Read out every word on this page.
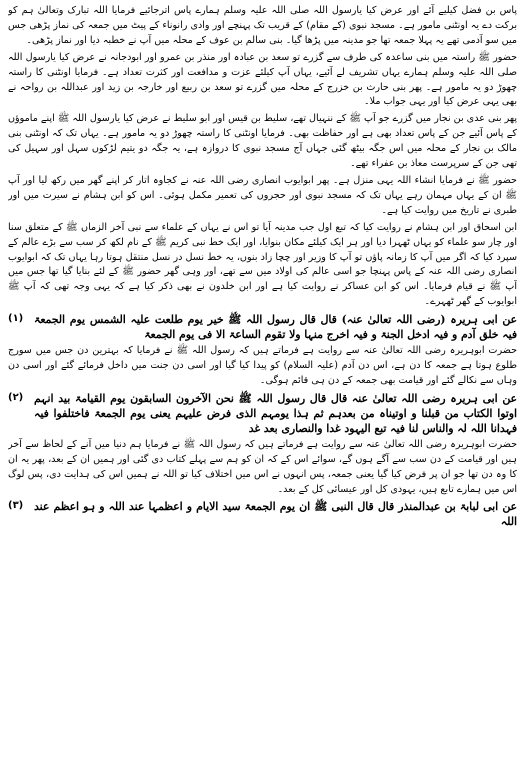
پاس بن فضل کیلیے آئے اور عرض کیا یارسول اللہ صلی اللہ علیہ وسلم ہمارے پاس اترجائیے فرمایا اللہ تبارک وتعالیٰ ہم کو برکت دے یہ اونٹنی مامور ہے۔ مسجد نبوی (کے مقام) کے قریب تک پہنچے اور وادی رانوناء کے پیٹ میں جمعہ کی نماز پڑھی جس میں سو آدمی تھے یہ پہلا جمعہ تھا جو مدینہ میں پڑھا گیا۔ بنی سالم بن عوف کے محلہ میں آپ نے خطبہ دیا اور نماز پڑھی۔

حضور ﷺ راستہ میں بنی ساعدہ کی طرف سے گزرے تو سعد بن عبادہ اور منذر بن عمرو اور ابودجانہ نے عرض کیا یارسول اللہ صلی اللہ علیہ وسلم ہمارے یہاں تشریف لے آئیے، یہاں آپ کیلئے عزت و مدافعت اور کثرت تعداد ہے۔ فرمایا اونٹنی کا راستہ چھوڑ دو یہ مامور ہے۔ پھر بنی حارث بن خزرج کے محلہ میں گزرے تو سعد بن ربیع اور خارجہ بن زید اور عبداللہ بن رواحہ نے بھی یہی عرض کیا اور یہی جواب ملا۔

پھر بنی عدی بن نجار میں گزرے جو آپ ﷺ کے ننہیال تھے، سلیط بن قیس اور ابو سلیط نے عرض کیا یارسول اللہ ﷺ اپنے ماموؤں کے پاس آئیے جن کے پاس تعداد بھی ہے اور حفاظت بھی۔ فرمایا اونٹنی کا راستہ چھوڑ دو یہ مامور ہے۔ یہاں تک کہ اونٹنی بنی مالک بن نجار کے محلہ میں اس جگہ بیٹھ گئی جہاں آج مسجد نبوی کا دروازہ ہے، یہ جگہ دو یتیم لڑکوں سہل اور سہیل کی تھی جن کے سرپرست معاذ بن عفراء تھے۔

حضور ﷺ نے فرمایا انشاء اللہ یہی منزل ہے۔ پھر ابوایوب انصاری رضی اللہ عنہ نے کجاوہ اتار کر اپنے گھر میں رکھ لیا اور آپ ﷺ ان کے یہاں مہمان رہے یہاں تک کہ مسجد نبوی اور حجروں کی تعمیر مکمل ہوئی۔ اس کو ابن ہشام نے سیرت میں اور طبری نے تاریخ میں روایت کیا ہے۔

ابن اسحاق اور ابن ہشام نے روایت کیا کہ تبع اول جب مدینہ آیا تو اس نے یہاں کے علماء سے نبی آخر الزماں ﷺ کے متعلق سنا اور چار سو علماء کو یہاں ٹھہرا دیا اور ہر ایک کیلئے مکان بنوایا، اور ایک خط نبی کریم ﷺ کے نام لکھ کر سب سے بڑے عالم کے سپرد کیا کہ اگر میں آپ کا زمانہ پاؤں تو آپ کا وزیر اور چچا زاد بنوں، یہ خط نسل در نسل منتقل ہوتا رہا یہاں تک کہ ابوایوب انصاری رضی اللہ عنہ کے پاس پہنچا جو اسی عالم کی اولاد میں سے تھے، اور وہی گھر حضور ﷺ کے لئے بنایا گیا تھا جس میں آپ ﷺ نے قیام فرمایا۔ اس کو ابن عساکر نے روایت کیا ہے اور ابن خلدون نے بھی ذکر کیا ہے کہ یہی وجہ تھی کہ آپ ﷺ ابوایوب کے گھر ٹھہرے۔

(۱) عن ابی ہریرہ (رضی اللہ تعالیٰ عنہ) قال قال رسول اللہ ﷺ خیر یوم طلعت علیہ الشمس یوم الجمعۃ فیہ خلق آدم و فیہ ادخل الجنۃ و فیہ اخرج منہا ولا تقوم الساعۃ الا فی یوم الجمعۃ

حضرت ابوہریرہ رضی اللہ تعالیٰ عنہ سے روایت ہے فرماتے ہیں کہ رسول اللہ ﷺ نے فرمایا کہ بہترین دن جس میں سورج طلوع ہوتا ہے جمعہ کا دن ہے، اس دن آدم (علیہ السلام) کو پیدا کیا گیا اور اسی دن جنت میں داخل فرمائے گئے اور اسی دن وہاں سے نکالے گئے اور قیامت بھی جمعہ کے دن ہی قائم ہوگی۔

(۲) عن ابی ہریرہ رضی اللہ تعالیٰ عنہ قال قال رسول اللہ ﷺ نحن الآخرون السابقون یوم القیامۃ بید انہم اوتوا الکتاب من قبلنا و اوتیناہ من بعدہم ثم ہذا یومہم الذی فرض علیہم یعنی یوم الجمعۃ فاختلفوا فیہ فہدانا اللہ لہ والناس لنا فیہ تبع الیہود غدا والنصاری بعد غد

حضرت ابوہریرہ رضی اللہ تعالیٰ عنہ سے روایت ہے فرماتے ہیں کہ رسول اللہ ﷺ نے فرمایا ہم دنیا میں آنے کے لحاظ سے آخر ہیں اور قیامت کے دن سب سے آگے ہوں گے، سوائے اس کے کہ ان کو ہم سے پہلے کتاب دی گئی اور ہمیں ان کے بعد، پھر یہ ان کا وہ دن تھا جو ان پر فرض کیا گیا یعنی جمعہ، پس انہوں نے اس میں اختلاف کیا تو اللہ نے ہمیں اس کی ہدایت دی، پس لوگ اس میں ہمارے تابع ہیں، یہودی کل اور عیسائی کل کے بعد۔

(۳) عن ابی لبابۃ بن عبدالمنذر قال قال النبی ﷺ ان یوم الجمعۃ سید الایام و اعظمہا عند اللہ و ہو اعظم عند اللہ
